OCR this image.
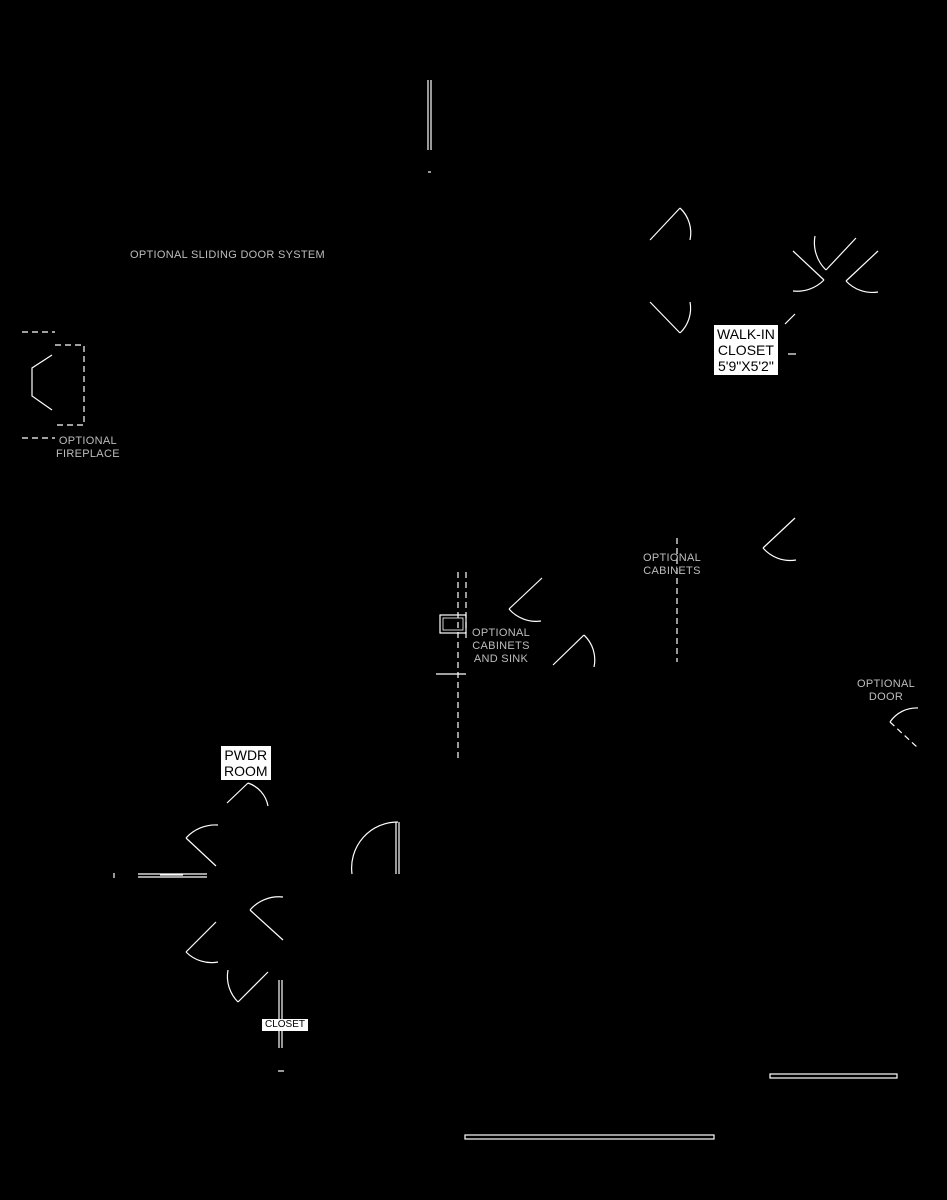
OPTIONAL SLIDING DOOR SYSTEM
OPTIONAL
FIREPLACE
OPTIONAL
CABINETS
OPTIONAL
CABINETS
AND SINK
OPTIONAL
DOOR
WALK-IN
CLOSET
5'9"X5'2"
PWDR
ROOM
CLOSET
